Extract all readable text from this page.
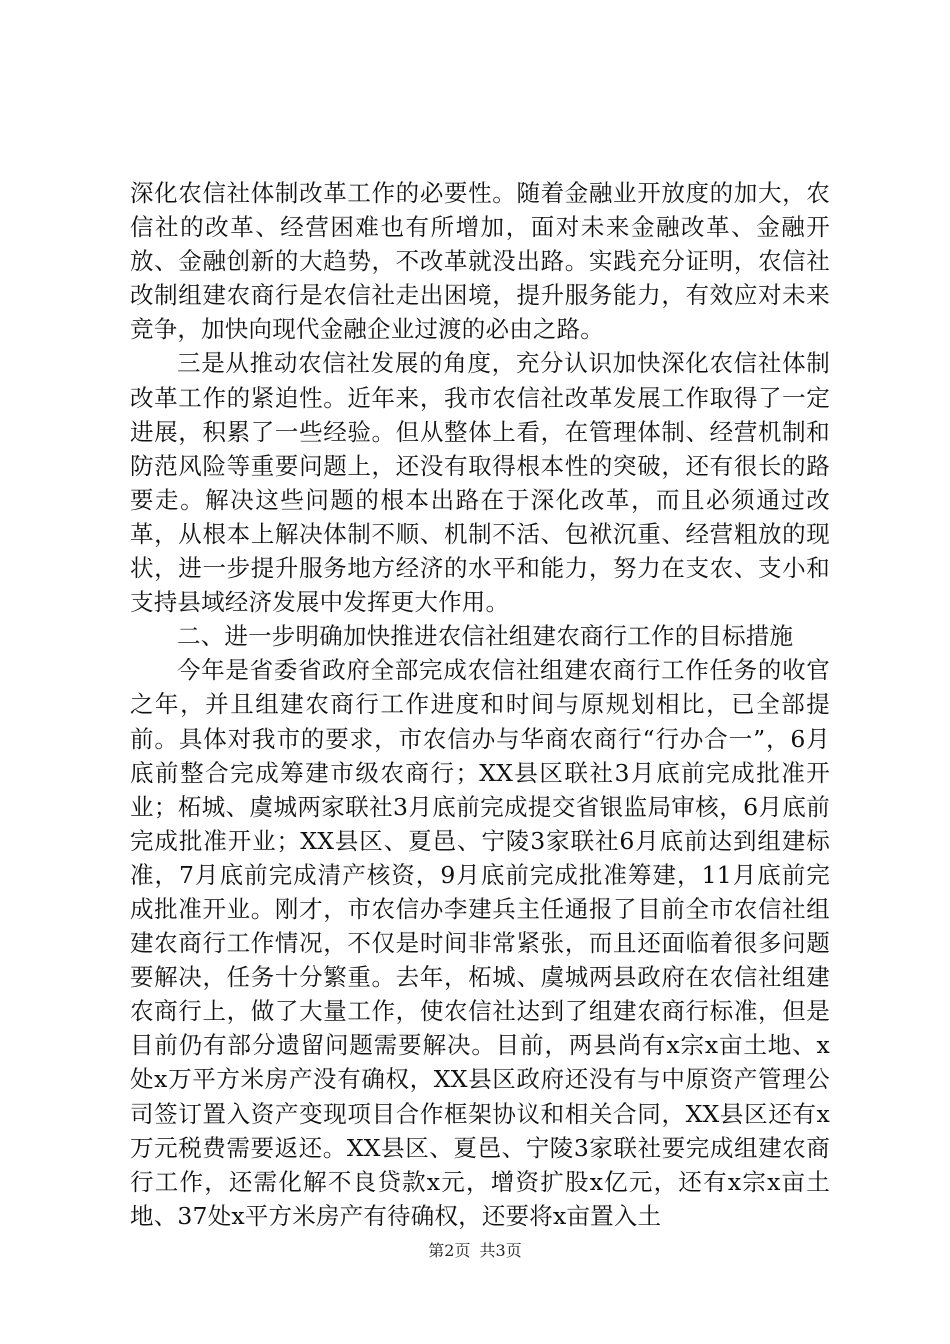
深化农信社体制改革工作的必要性。随着金融业开放度的加大，农信社的改革、经营困难也有所增加，面对未来金融改革、金融开放、金融创新的大趋势，不改革就没出路。实践充分证明，农信社改制组建农商行是农信社走出困境，提升服务能力，有效应对未来竞争，加快向现代金融企业过渡的必由之路。

三是从推动农信社发展的角度，充分认识加快深化农信社体制改革工作的紧迫性。近年来，我市农信社改革发展工作取得了一定进展，积累了一些经验。但从整体上看，在管理体制、经营机制和防范风险等重要问题上，还没有取得根本性的突破，还有很长的路要走。解决这些问题的根本出路在于深化改革，而且必须通过改革，从根本上解决体制不顺、机制不活、包袱沉重、经营粗放的现状，进一步提升服务地方经济的水平和能力，努力在支农、支小和支持县域经济发展中发挥更大作用。

二、进一步明确加快推进农信社组建农商行工作的目标措施

今年是省委省政府全部完成农信社组建农商行工作任务的收官之年，并且组建农商行工作进度和时间与原规划相比，已全部提前。具体对我市的要求，市农信办与华商农商行“行办合一”，6月底前整合完成筹建市级农商行；XX县区联社3月底前完成批准开业；柘城、虞城两家联社3月底前完成提交省银监局审核，6月底前完成批准开业；XX县区、夏邑、宁陵3家联社6月底前达到组建标准，7月底前完成清产核资，9月底前完成批准筹建，11月底前完成批准开业。刚才，市农信办李建兵主任通报了目前全市农信社组建农商行工作情况，不仅是时间非常紧张，而且还面临着很多问题要解决，任务十分繁重。去年，柘城、虞城两县政府在农信社组建农商行上，做了大量工作，使农信社达到了组建农商行标准，但是目前仍有部分遗留问题需要解决。目前，两县尚有x宗x亩土地、x处x万平方米房产没有确权，XX县区政府还没有与中原资产管理公司签订置入资产变现项目合作框架协议和相关合同，XX县区还有x万元税费需要返还。XX县区、夏邑、宁陵3家联社要完成组建农商行工作，还需化解不良贷款x元，增资扩股x亿元，还有x宗x亩土地、37处x平方米房产有待确权，还要将x亩置入土

第2页 共3页
